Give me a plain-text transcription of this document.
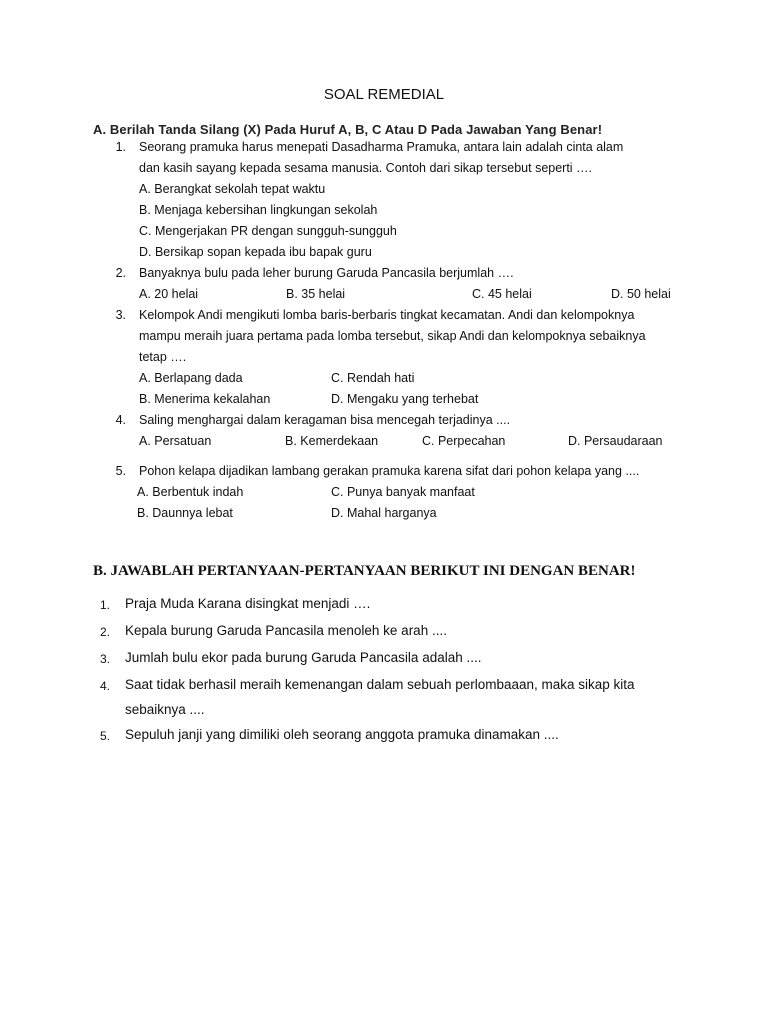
SOAL REMEDIAL
A. Berilah Tanda Silang (X) Pada Huruf A, B, C Atau D Pada Jawaban Yang Benar!
1. Seorang pramuka harus menepati Dasadharma Pramuka, antara lain adalah cinta alam
dan kasih sayang kepada sesama manusia. Contoh dari sikap tersebut seperti ….
A. Berangkat sekolah tepat waktu
B. Menjaga kebersihan lingkungan sekolah
C. Mengerjakan PR dengan sungguh-sungguh
D. Bersikap sopan kepada ibu bapak guru
2. Banyaknya bulu pada leher burung Garuda Pancasila berjumlah ….
A. 20 helai	B. 35 helai	C. 45 helai	D. 50 helai
3. Kelompok Andi mengikuti lomba baris-berbaris tingkat kecamatan. Andi dan kelompoknya
mampu meraih juara pertama pada lomba tersebut, sikap Andi dan kelompoknya sebaiknya
tetap ….
A. Berlapang dada	C. Rendah hati
B. Menerima kekalahan	D. Mengaku yang terhebat
4. Saling menghargai dalam keragaman bisa mencegah terjadinya ....
A. Persatuan	B. Kemerdekaan	C. Perpecahan	D. Persaudaraan
5. Pohon kelapa dijadikan lambang gerakan pramuka karena sifat dari pohon kelapa yang ....
A. Berbentuk indah	C. Punya banyak manfaat
B. Daunnya lebat	D. Mahal harganya
B. JAWABLAH PERTANYAAN-PERTANYAAN BERIKUT INI DENGAN BENAR!
1. Praja Muda Karana disingkat menjadi ….
2. Kepala burung Garuda Pancasila menoleh ke arah ....
3. Jumlah bulu ekor pada burung Garuda Pancasila adalah ....
4. Saat tidak berhasil meraih kemenangan dalam sebuah perlombaaan, maka sikap kita
sebaiknya ....
5. Sepuluh janji yang dimiliki oleh seorang anggota pramuka dinamakan ....
